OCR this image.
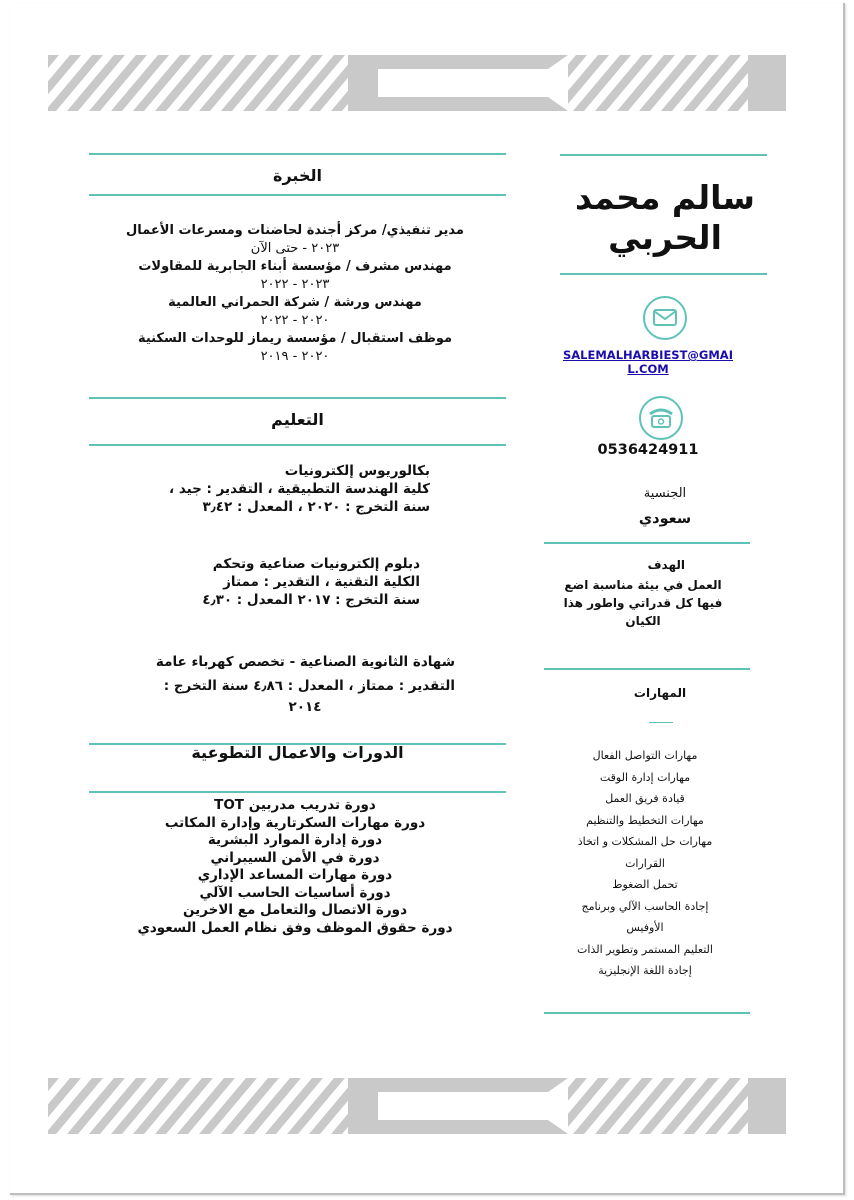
سالم محمد
الحربي
SALEMALHARBIEST@GMAIL.COM
0536424911
الجنسية
سعودي
الهدف
العمل في بيئة مناسبة اضع
فيها كل قدراتي واطور هذا
الكيان
المهارات
مهارات التواصل الفعال
مهارات إدارة الوقت
قيادة فريق العمل
مهارات التخطيط والتنظيم
مهارات حل المشكلات و اتخاذ
القرارات
تحمل الضغوط
إجادة الحاسب الآلي وبرنامج
الأوفيس
التعليم المستمر وتطوير الذات
إجادة اللغة الإنجليزية
الخبرة
مدير تنفيذي/ مركز أجندة لحاضنات ومسرعات الأعمال
٢٠٢٣ - حتى الآن
مهندس مشرف / مؤسسة أبناء الجابرية للمقاولات
٢٠٢٣ - ٢٠٢٢
مهندس ورشة / شركة الحمراني العالمية
٢٠٢٠ - ٢٠٢٢
موظف استقبال / مؤسسة ريماز للوحدات السكنية
٢٠٢٠ - ٢٠١٩
التعليم
بكالوريوس إلكترونيات
كلية الهندسة التطبيقية ، التقدير : جيد ،
سنة التخرج : ٢٠٢٠ ، المعدل : ٣٫٤٢
دبلوم إلكترونيات صناعية وتحكم
الكلية التقنية ، التقدير : ممتاز
سنة التخرج : ٢٠١٧ المعدل : ٤٫٣٠
شهادة الثانوية الصناعية - تخصص كهرباء عامة
التقدير : ممتاز ، المعدل : ٤٫٨٦ سنة التخرج :
٢٠١٤
الدورات والاعمال التطوعية
دورة تدريب مدربين TOT
دورة مهارات السكرتارية وإدارة المكاتب
دورة إدارة الموارد البشرية
دورة في الأمن السيبراني
دورة مهارات المساعد الإداري
دورة أساسيات الحاسب الآلي
دورة الاتصال والتعامل مع الاخرين
دورة حقوق الموظف وفق نظام العمل السعودي
